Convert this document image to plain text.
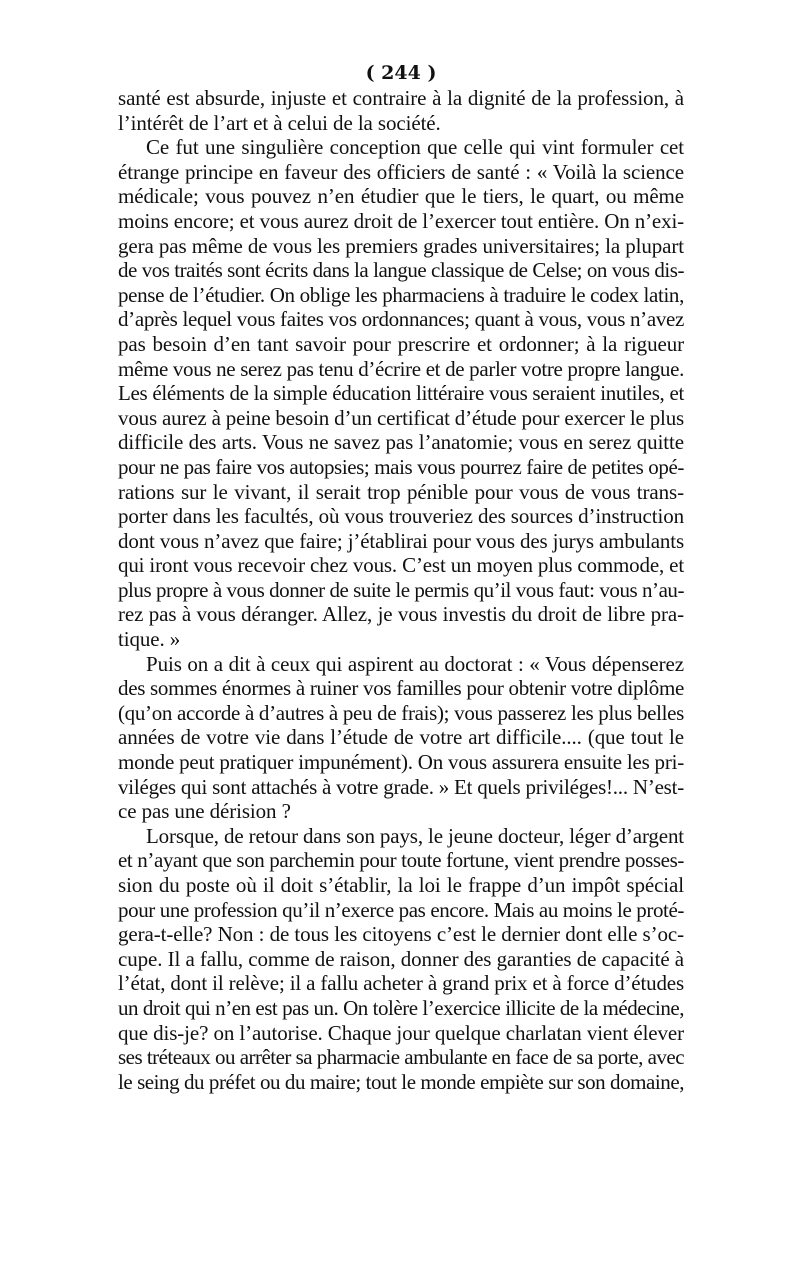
( 244 )
santé est absurde, injuste et contraire à la dignité de la profession, à
l’intérêt de l’art et à celui de la société.
Ce fut une singulière conception que celle qui vint formuler cet
étrange principe en faveur des officiers de santé : « Voilà la science
médicale; vous pouvez n’en étudier que le tiers, le quart, ou même
moins encore; et vous aurez droit de l’exercer tout entière. On n’exi-
gera pas même de vous les premiers grades universitaires; la plupart
de vos traités sont écrits dans la langue classique de Celse; on vous dis-
pense de l’étudier. On oblige les pharmaciens à traduire le codex latin,
d’après lequel vous faites vos ordonnances; quant à vous, vous n’avez
pas besoin d’en tant savoir pour prescrire et ordonner; à la rigueur
même vous ne serez pas tenu d’écrire et de parler votre propre langue.
Les éléments de la simple éducation littéraire vous seraient inutiles, et
vous aurez à peine besoin d’un certificat d’étude pour exercer le plus
difficile des arts. Vous ne savez pas l’anatomie; vous en serez quitte
pour ne pas faire vos autopsies; mais vous pourrez faire de petites opé-
rations sur le vivant, il serait trop pénible pour vous de vous trans-
porter dans les facultés, où vous trouveriez des sources d’instruction
dont vous n’avez que faire; j’établirai pour vous des jurys ambulants
qui iront vous recevoir chez vous. C’est un moyen plus commode, et
plus propre à vous donner de suite le permis qu’il vous faut: vous n’au-
rez pas à vous déranger. Allez, je vous investis du droit de libre pra-
tique. »
Puis on a dit à ceux qui aspirent au doctorat : « Vous dépenserez
des sommes énormes à ruiner vos familles pour obtenir votre diplôme
(qu’on accorde à d’autres à peu de frais); vous passerez les plus belles
années de votre vie dans l’étude de votre art difficile.... (que tout le
monde peut pratiquer impunément). On vous assurera ensuite les pri-
viléges qui sont attachés à votre grade. » Et quels priviléges!... N’est-
ce pas une dérision ?
Lorsque, de retour dans son pays, le jeune docteur, léger d’argent
et n’ayant que son parchemin pour toute fortune, vient prendre posses-
sion du poste où il doit s’établir, la loi le frappe d’un impôt spécial
pour une profession qu’il n’exerce pas encore. Mais au moins le proté-
gera-t-elle? Non : de tous les citoyens c’est le dernier dont elle s’oc-
cupe. Il a fallu, comme de raison, donner des garanties de capacité à
l’état, dont il relève; il a fallu acheter à grand prix et à force d’études
un droit qui n’en est pas un. On tolère l’exercice illicite de la médecine,
que dis-je? on l’autorise. Chaque jour quelque charlatan vient élever
ses tréteaux ou arrêter sa pharmacie ambulante en face de sa porte, avec
le seing du préfet ou du maire; tout le monde empiète sur son domaine,
